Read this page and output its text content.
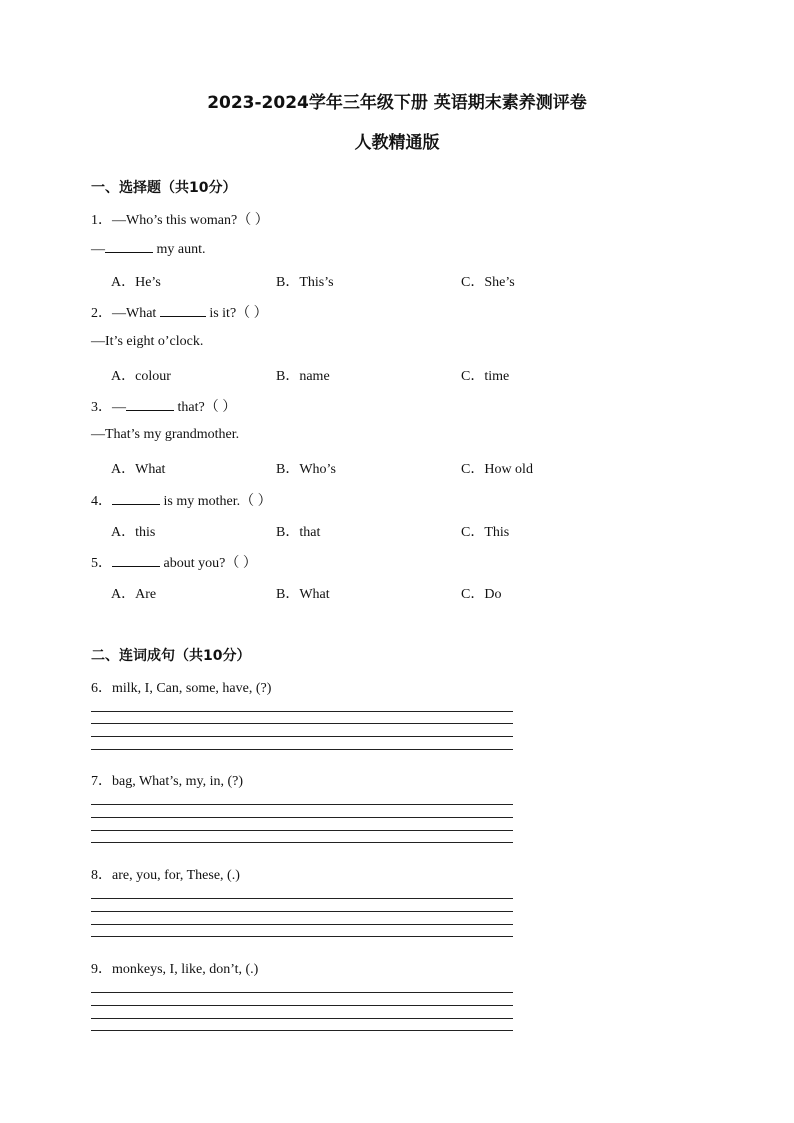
2023-2024学年三年级下册 英语期末素养测评卷
人教精通版
一、选择题（共10分）
1．—Who’s this woman?（ ）
—	my aunt.
A．He’s	B．This’s	C．She’s
2．—What	is it?（ ）
—It’s eight o’clock.
A．colour	B．name	C．time
3．—	that?（ ）
—That’s my grandmother.
A．What	B．Who’s	C．How old
4．	is my mother.（ ）
A．this	B．that	C．This
5．	about you?（ ）
A．Are	B．What	C．Do
二、连词成句（共10分）
6．milk, I, Can, some, have, (?)
7．bag, What’s, my, in, (?)
8．are, you, for, These, (.)
9．monkeys, I, like, don’t, (.)
